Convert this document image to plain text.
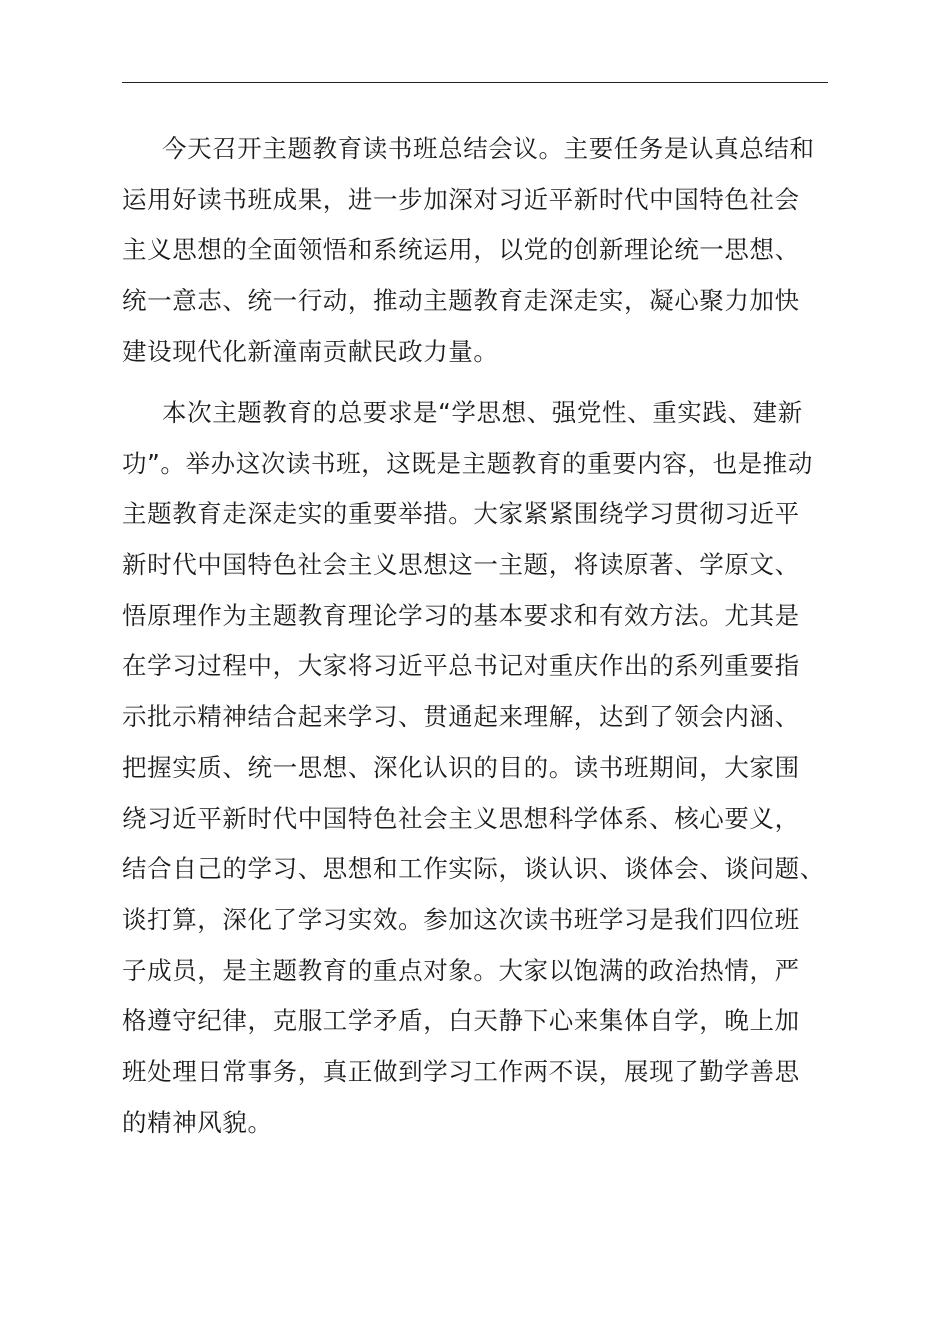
今天召开主题教育读书班总结会议。主要任务是认真总结和
运用好读书班成果，进一步加深对习近平新时代中国特色社会
主义思想的全面领悟和系统运用，以党的创新理论统一思想、
统一意志、统一行动，推动主题教育走深走实，凝心聚力加快
建设现代化新潼南贡献民政力量。
本次主题教育的总要求是“学思想、强党性、重实践、建新
功”。举办这次读书班，这既是主题教育的重要内容，也是推动
主题教育走深走实的重要举措。大家紧紧围绕学习贯彻习近平
新时代中国特色社会主义思想这一主题，将读原著、学原文、
悟原理作为主题教育理论学习的基本要求和有效方法。尤其是
在学习过程中，大家将习近平总书记对重庆作出的系列重要指
示批示精神结合起来学习、贯通起来理解，达到了领会内涵、
把握实质、统一思想、深化认识的目的。读书班期间，大家围
绕习近平新时代中国特色社会主义思想科学体系、核心要义，
结合自己的学习、思想和工作实际，谈认识、谈体会、谈问题、
谈打算，深化了学习实效。参加这次读书班学习是我们四位班
子成员，是主题教育的重点对象。大家以饱满的政治热情，严
格遵守纪律，克服工学矛盾，白天静下心来集体自学，晚上加
班处理日常事务，真正做到学习工作两不误，展现了勤学善思
的精神风貌。
